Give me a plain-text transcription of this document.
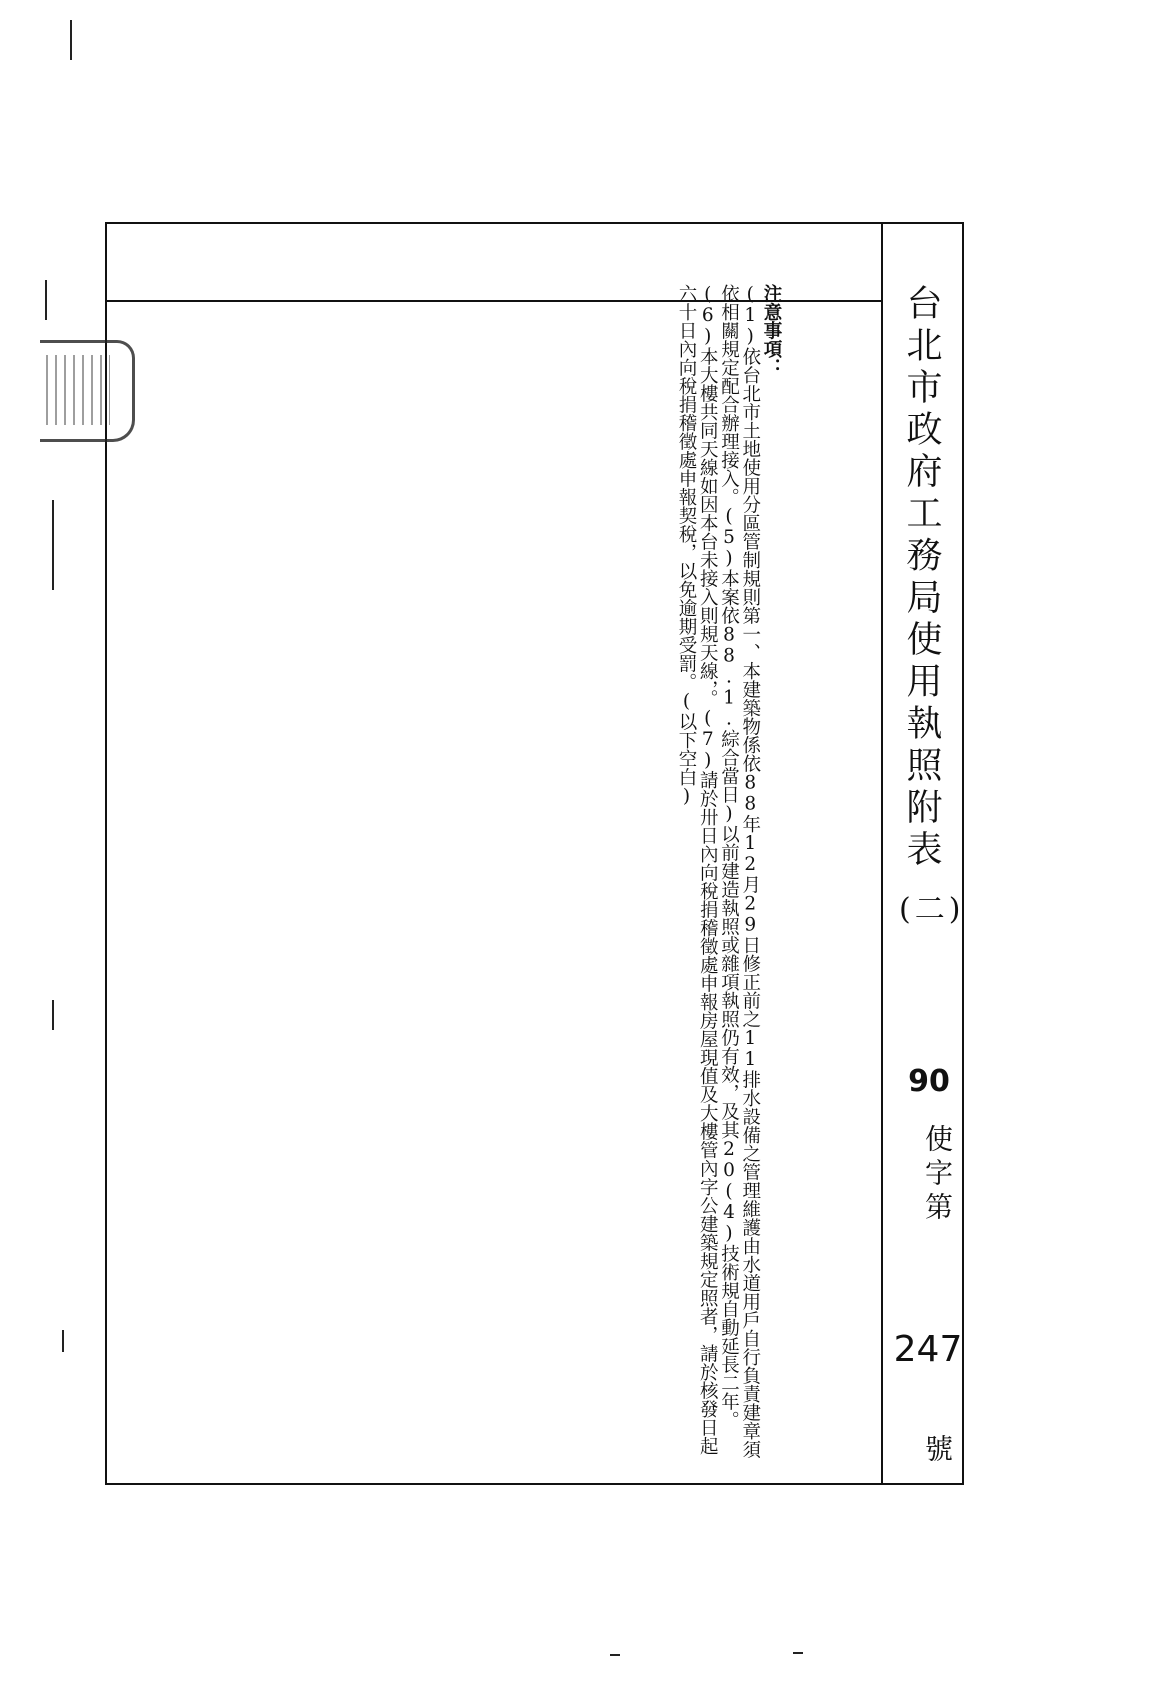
注意事項：
(1)依台北市土地使用分區管制規則第一、本建築物係依88年12月29日修正前之11排水設備之管理維護由水道用戶自行負責建章須依相關規定配合辦理接入。(5)本案依88.1.綜合當日)以前建造執照或雜項執照仍有效，及其20(4)技術規自動延長二年。(6)本大樓共同天線如因本台未接入則規天線，。(7)請於卅日內向稅捐稽徵處申報房屋現值及大樓管內字公建築規定照者，請於核發日起六十日內向稅捐稽徵處申報契稅，以免逾期受罰。(以下空白)	台北市政府工務局使用執照附表
(二)
90
使字第
247
號
